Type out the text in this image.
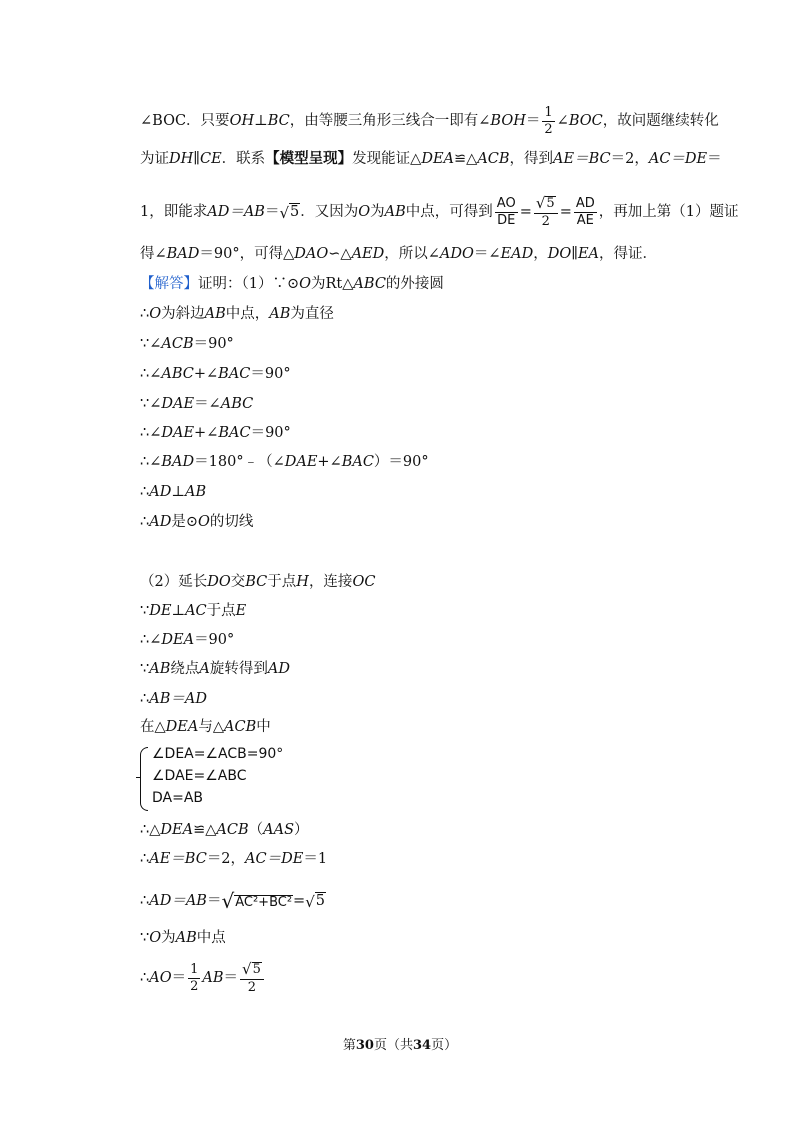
∠BOC．只要 OH⊥BC ，由等腰三角形三线合一即有∠ BOH ＝ $\frac{1}{2}$ ∠ BOC ，故问题继续转化
为证 DH∥CE ．联系 【模型呈现】 发现能证△ DEA ≌△ ACB ，得到 AE＝BC ＝2， AC＝DE ＝
1，即能求 AD＝AB ＝ √ 5 ．又因为 O 为 AB 中点，可得到 $\frac{AO}{DE} = \frac{√ 5}{2} = \frac{AD}{AE}$ ，再加上第（1）题证
得∠ BAD ＝90°，可得△ DAO ∽△ AED ，所以∠ ADO ＝∠ EAD ， DO∥EA ，得证．
【解答】 证明：（1）∵⊙ O 为Rt△ ABC 的外接圆
∴ O 为斜边 AB 中点， AB 为直径
∵∠ ACB ＝90°
∴∠ ABC+∠BAC ＝90°
∵∠ DAE ＝∠ ABC
∴∠ DAE+∠BAC ＝90°
∴∠ BAD ＝180°﹣（∠ DAE+∠BAC ）＝90°
∴ AD⊥AB
∴ AD 是⊙ O 的切线
（2）延长 DO 交 BC 于点 H ，连接 OC
∵ DE⊥AC 于点 E
∴∠ DEA ＝90°
∵ AB 绕点 A 旋转得到 AD
∴ AB＝AD
在△ DEA 与△ ACB 中
∠DEA=∠ACB=90°
∠DAE=∠ABC
DA=AB
∴△ DEA ≌△ ACB （ AAS ）
∴ AE＝BC ＝2， AC＝DE ＝1
∴ AD＝AB ＝ √ AC²+BC² = √ 5
∵ O 为 AB 中点
∴ AO ＝ $\frac{1}{2}$ AB ＝ $\frac{√ 5}{2}$
第30页（共34页）
